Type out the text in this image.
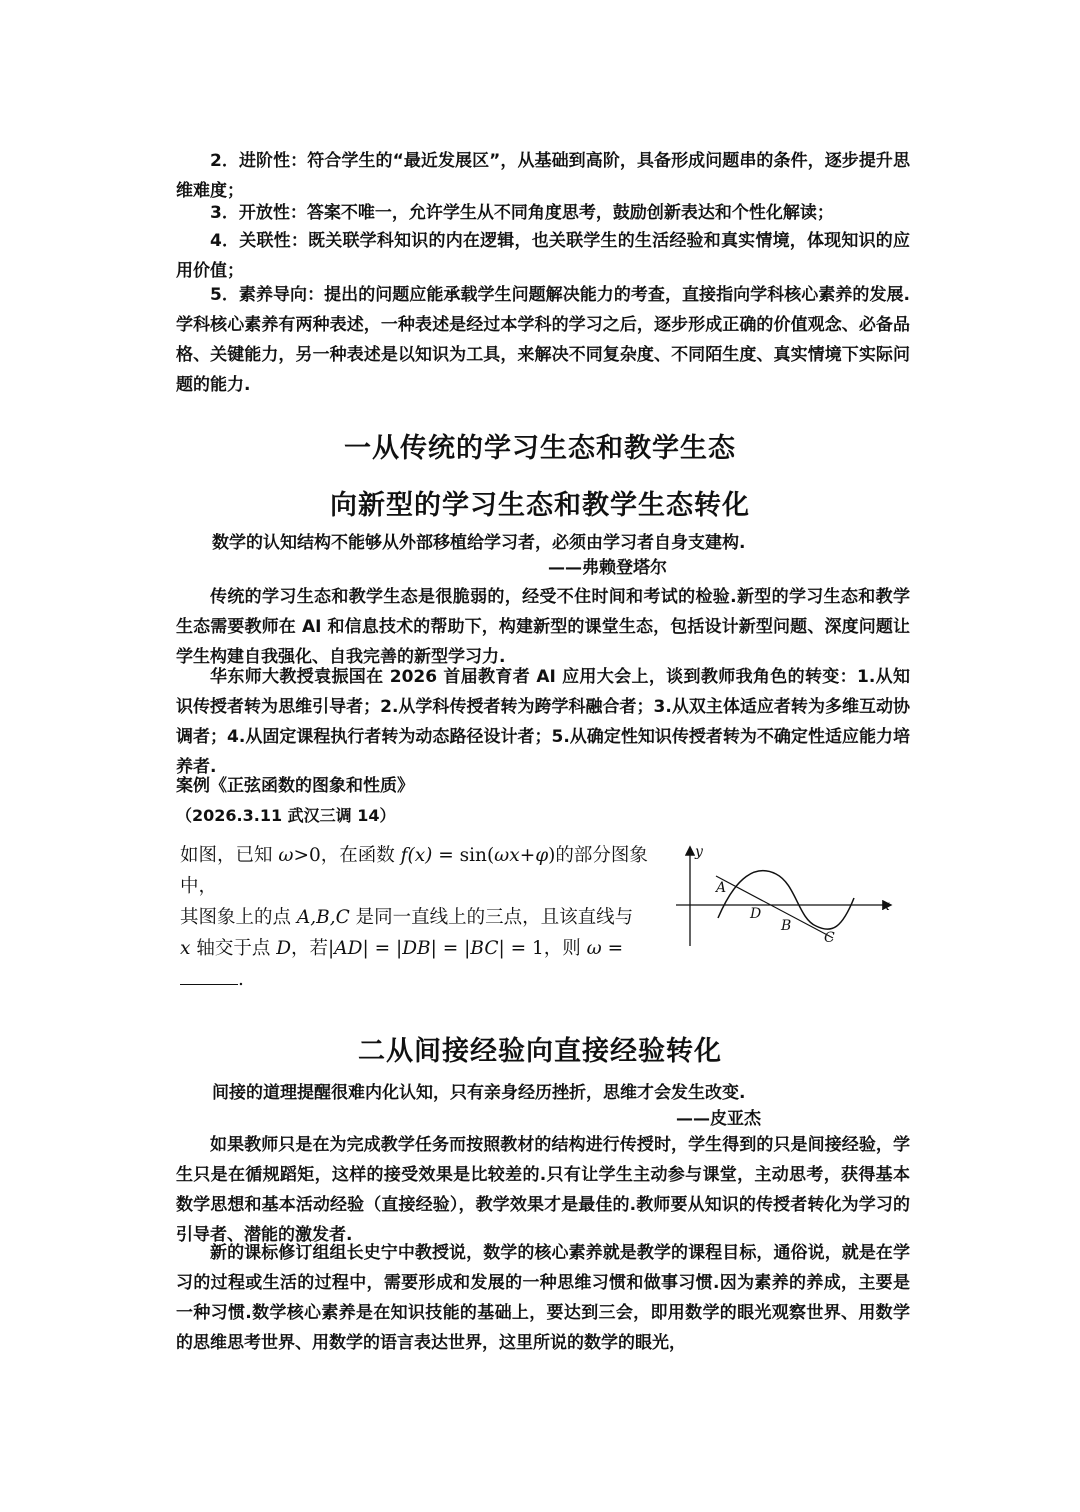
2．进阶性：符合学生的“最近发展区”，从基础到高阶，具备形成问题串的条件，逐步提升思维难度；

3．开放性：答案不唯一，允许学生从不同角度思考，鼓励创新表达和个性化解读；

4．关联性：既关联学科知识的内在逻辑，也关联学生的生活经验和真实情境，体现知识的应用价值；

5．素养导向：提出的问题应能承载学生问题解决能力的考查，直接指向学科核心素养的发展.学科核心素养有两种表述，一种表述是经过本学科的学习之后，逐步形成正确的价值观念、必备品格、关键能力，另一种表述是以知识为工具，来解决不同复杂度、不同陌生度、真实情境下实际问题的能力.

一从传统的学习生态和教学生态
向新型的学习生态和教学生态转化

数学的认知结构不能够从外部移植给学习者，必须由学习者自身支建构.

——弗赖登塔尔

传统的学习生态和教学生态是很脆弱的，经受不住时间和考试的检验.新型的学习生态和教学生态需要教师在 AI 和信息技术的帮助下，构建新型的课堂生态，包括设计新型问题、深度问题让学生构建自我强化、自我完善的新型学习力.

华东师大教授袁振国在 2026 首届教育者 AI 应用大会上，谈到教师我角色的转变：1.从知识传授者转为思维引导者；2.从学科传授者转为跨学科融合者；3.从双主体适应者转为多维互动协调者；4.从固定课程执行者转为动态路径设计者；5.从确定性知识传授者转为不确定性适应能力培养者.

案例《正弦函数的图象和性质》

（2026.3.11 武汉三调 14）

如图，已知 ω>0，在函数 f(x) = sin(ωx+φ)的部分图象中，
其图象上的点 A,B,C 是同一直线上的三点，且该直线与
x 轴交于点 D，若|AD| = |DB| = |BC| = 1，则 ω =.
y
x
A
D
B
C
二从间接经验向直接经验转化

间接的道理提醒很难内化认知，只有亲身经历挫折，思维才会发生改变.

——皮亚杰

如果教师只是在为完成教学任务而按照教材的结构进行传授时，学生得到的只是间接经验，学生只是在循规蹈矩，这样的接受效果是比较差的.只有让学生主动参与课堂，主动思考，获得基本数学思想和基本活动经验（直接经验），教学效果才是最佳的.教师要从知识的传授者转化为学习的引导者、潜能的激发者.

新的课标修订组组长史宁中教授说，数学的核心素养就是教学的课程目标，通俗说，就是在学习的过程或生活的过程中，需要形成和发展的一种思维习惯和做事习惯.因为素养的养成，主要是一种习惯.数学核心素养是在知识技能的基础上，要达到三会，即用数学的眼光观察世界、用数学的思维思考世界、用数学的语言表达世界，这里所说的数学的眼光，
